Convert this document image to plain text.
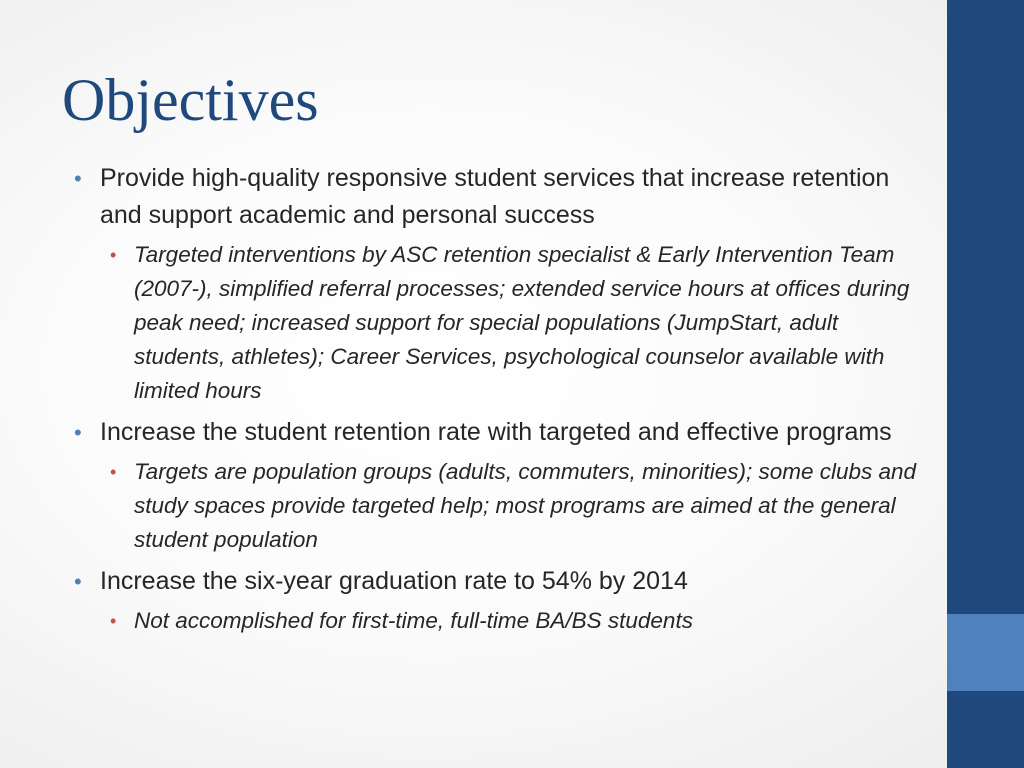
Objectives
• Provide high-quality responsive student services that increase retention and support academic and personal success
• Targeted interventions by ASC retention specialist & Early Intervention Team (2007-), simplified referral processes; extended service hours at offices during peak need; increased support for special populations (JumpStart, adult students, athletes); Career Services, psychological counselor available with limited hours
• Increase the student retention rate with targeted and effective programs
• Targets are population groups (adults, commuters, minorities); some clubs and study spaces provide targeted help; most programs are aimed at the general student population
• Increase the six-year graduation rate to 54% by 2014
• Not accomplished for first-time, full-time BA/BS students
